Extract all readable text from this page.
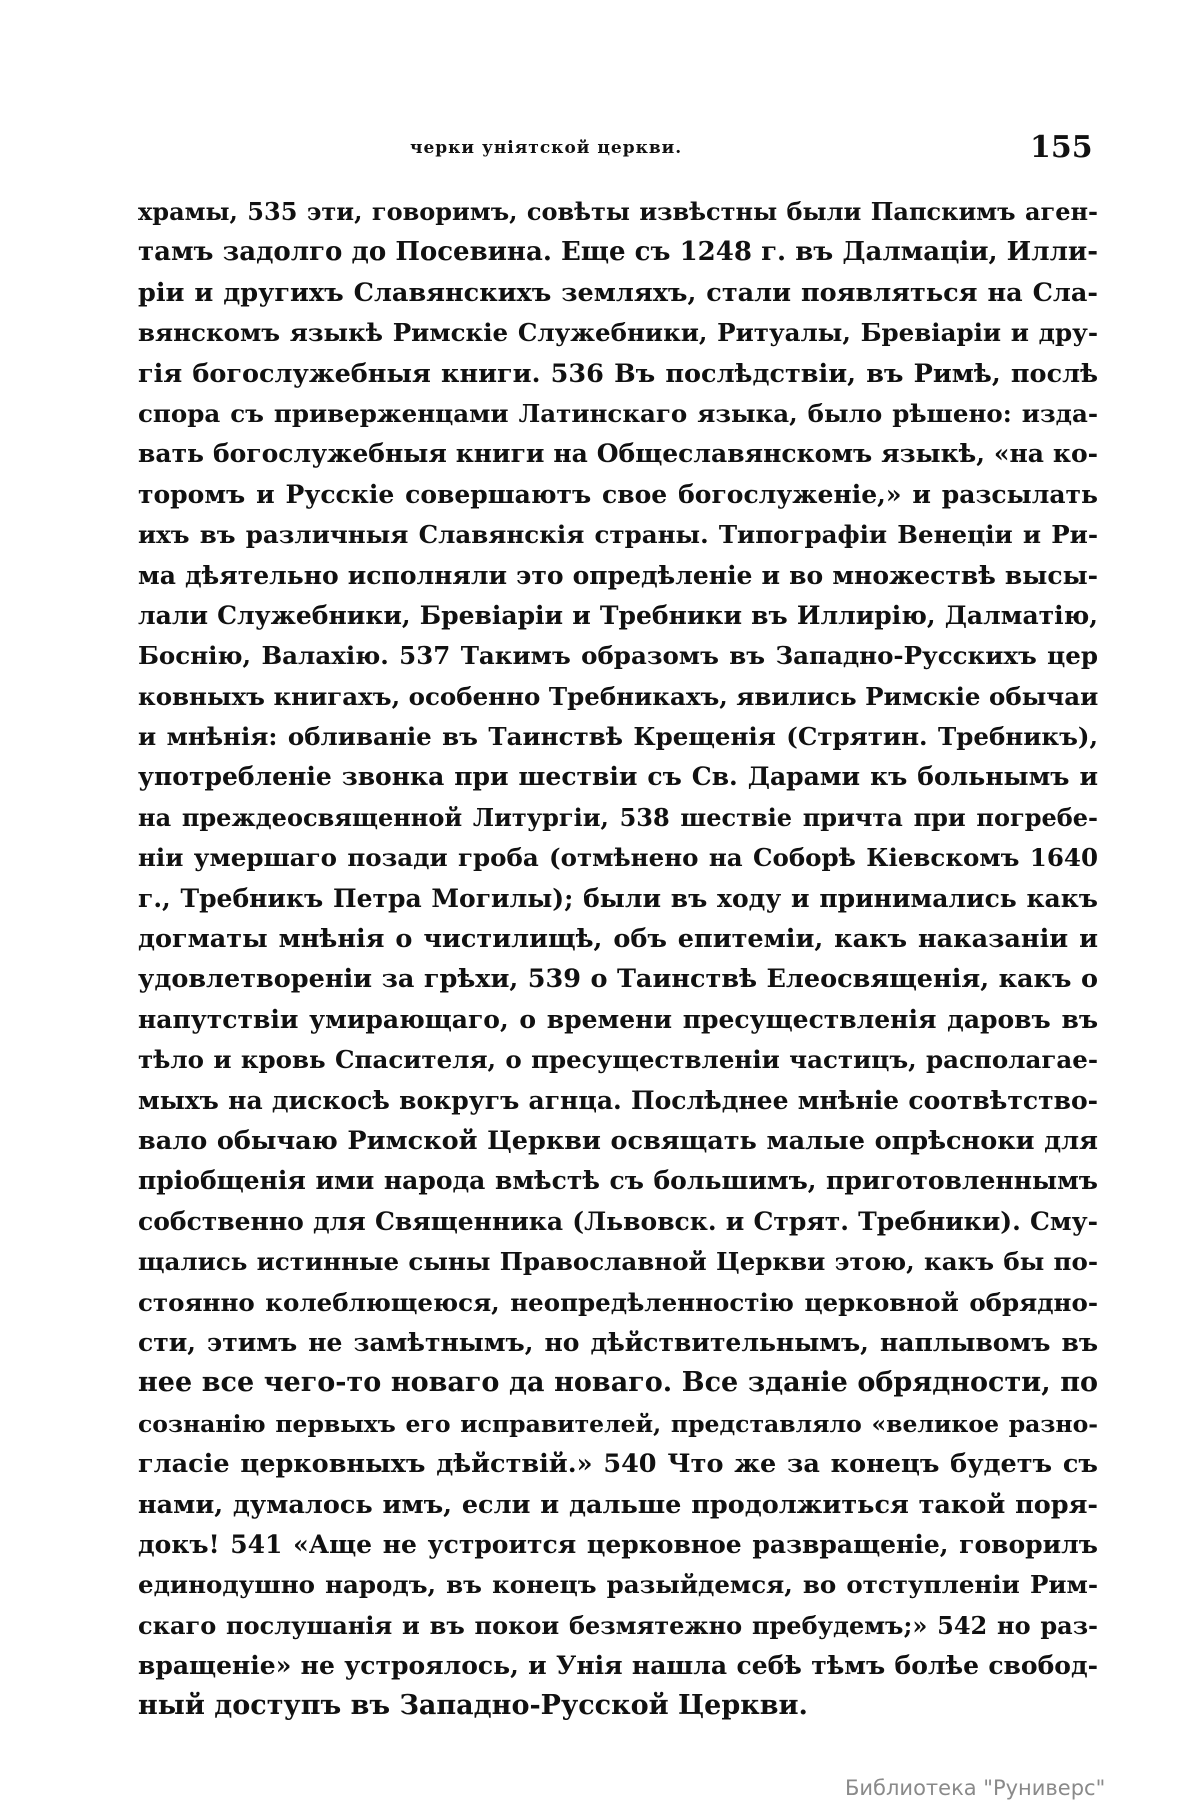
черки уніятской церкви.	155
храмы, 535 эти, говоримъ, совѣты извѣстны были Папскимъ аген-
тамъ задолго до Посевина. Еще съ 1248 г. въ Далмаціи, Илли-
ріи и другихъ Славянскихъ земляхъ, стали появляться на Сла-
вянскомъ языкѣ Римскіе Служебники, Ритуалы, Бревіаріи и дру-
гія богослужебныя книги. 536 Въ послѣдствіи, въ Римѣ, послѣ
спора съ приверженцами Латинскаго языка, было рѣшено: изда-
вать богослужебныя книги на Общеславянскомъ языкѣ, «на ко-
торомъ и Русскіе совершаютъ свое богослуженіе,» и разсылать
ихъ въ различныя Славянскія страны. Типографіи Венеціи и Ри-
ма дѣятельно исполняли это опредѣленіе и во множествѣ высы-
лали Служебники, Бревіаріи и Требники въ Иллирію, Далматію,
Боснію, Валахію. 537 Такимъ образомъ въ Западно-Русскихъ цер
ковныхъ книгахъ, особенно Требникахъ, явились Римскіе обычаи
и мнѣнія: обливаніе въ Таинствѣ Крещенія (Стрятин. Требникъ),
употребленіе звонка при шествіи съ Св. Дарами къ больнымъ и
на преждеосвященной Литургіи, 538 шествіе причта при погребе-
ніи умершаго позади гроба (отмѣнено на Соборѣ Кіевскомъ 1640
г., Требникъ Петра Могилы); были въ ходу и принимались какъ
догматы мнѣнія о чистилищѣ, объ епитеміи, какъ наказаніи и
удовлетвореніи за грѣхи, 539 о Таинствѣ Елеосвященія, какъ о
напутствіи умирающаго, о времени пресуществленія даровъ въ
тѣло и кровь Спасителя, о пресуществленіи частицъ, располагае-
мыхъ на дискосѣ вокругъ агнца. Послѣднее мнѣніе соотвѣтство-
вало обычаю Римской Церкви освящать малые опрѣсноки для
пріобщенія ими народа вмѣстѣ съ большимъ, приготовленнымъ
собственно для Священника (Львовск. и Стрят. Требники). Сму-
щались истинные сыны Православной Церкви этою, какъ бы по-
стоянно колеблющеюся, неопредѣленностію церковной обрядно-
сти, этимъ не замѣтнымъ, но дѣйствительнымъ, наплывомъ въ
нее все чего-то новаго да новаго. Все зданіе обрядности, по
сознанію первыхъ его исправителей, представляло «великое разно-
гласіе церковныхъ дѣйствій.» 540 Что же за конецъ будетъ съ
нами, думалось имъ, если и дальше продолжиться такой поря-
докъ! 541 «Аще не устроится церковное развращеніе, говорилъ
единодушно народъ, въ конецъ разыйдемся, во отступленіи Рим-
скаго послушанія и въ покои безмятежно пребудемъ;» 542 но раз-
вращеніе» не устроялось, и Унія нашла себѣ тѣмъ болѣе свобод-
ный доступъ въ Западно-Русской Церкви.
Библиотека "Руниверс"
